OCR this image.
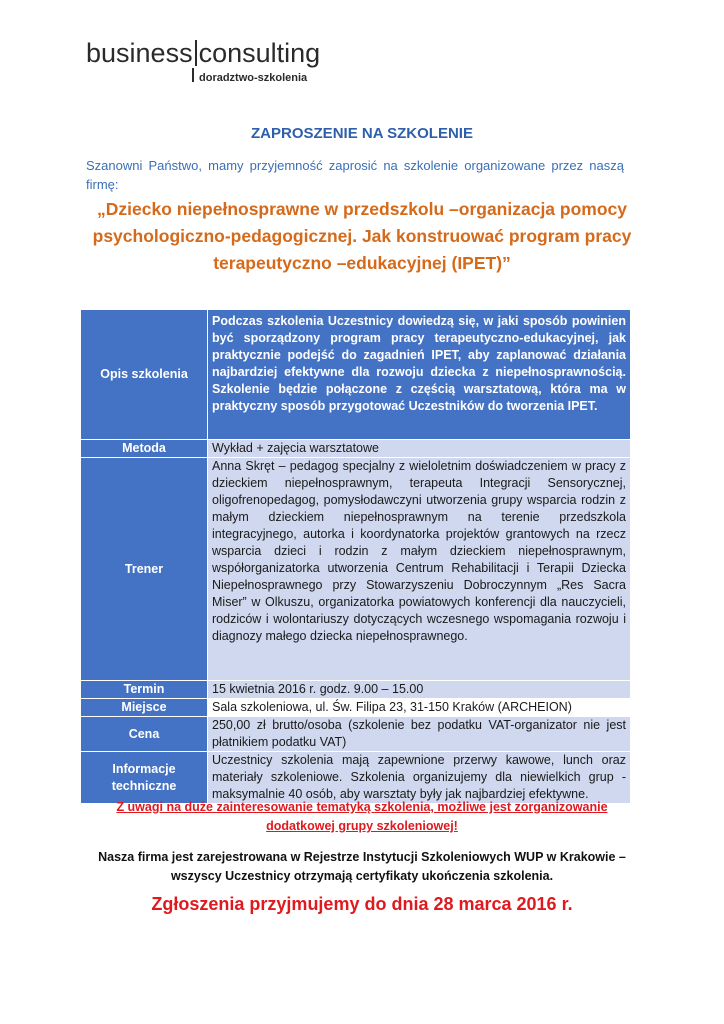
business consulting
doradztwo-szkolenia
ZAPROSZENIE NA SZKOLENIE
Szanowni Państwo, mamy przyjemność zaprosić na szkolenie organizowane przez naszą firmę:
„Dziecko niepełnosprawne w przedszkolu –organizacja pomocy
psychologiczno-pedagogicznej. Jak konstruować program pracy
terapeutyczno –edukacyjnej (IPET)”
Opis szkolenia	Podczas szkolenia Uczestnicy dowiedzą się, w jaki sposób powinien być sporządzony program pracy terapeutyczno-edukacyjnej, jak praktycznie podejść do zagadnień IPET, aby zaplanować działania najbardziej efektywne dla rozwoju dziecka z niepełnosprawnością. Szkolenie będzie połączone z częścią warsztatową, która ma w praktyczny sposób przygotować Uczestników do tworzenia IPET.
Metoda	Wykład + zajęcia warsztatowe
Trener	Anna Skręt – pedagog specjalny z wieloletnim doświadczeniem w pracy z dzieckiem niepełnosprawnym, terapeuta Integracji Sensorycznej, oligofrenopedagog, pomysłodawczyni utworzenia grupy wsparcia rodzin z małym dzieckiem niepełnosprawnym na terenie przedszkola integracyjnego, autorka i koordynatorka projektów grantowych na rzecz wsparcia dzieci i rodzin z małym dzieckiem niepełnosprawnym, współorganizatorka utworzenia Centrum Rehabilitacji i Terapii Dziecka Niepełnosprawnego przy Stowarzyszeniu Dobroczynnym „Res Sacra Miser” w Olkuszu, organizatorka powiatowych konferencji dla nauczycieli, rodziców i wolontariuszy dotyczących wczesnego wspomagania rozwoju i diagnozy małego dziecka niepełnosprawnego.
Termin	15 kwietnia 2016 r. godz. 9.00 – 15.00
Miejsce	Sala szkoleniowa, ul. Św. Filipa 23, 31-150 Kraków (ARCHEION)
Cena	250,00 zł brutto/osoba (szkolenie bez podatku VAT-organizator nie jest płatnikiem podatku VAT)
Informacje techniczne	Uczestnicy szkolenia mają zapewnione przerwy kawowe, lunch oraz materiały szkoleniowe. Szkolenia organizujemy dla niewielkich grup - maksymalnie 40 osób, aby warsztaty były jak najbardziej efektywne.
Z uwagi na duże zainteresowanie tematyką szkolenia, możliwe jest zorganizowanie dodatkowej grupy szkoleniowej!
Nasza firma jest zarejestrowana w Rejestrze Instytucji Szkoleniowych WUP w Krakowie – wszyscy Uczestnicy otrzymają certyfikaty ukończenia szkolenia.
Zgłoszenia przyjmujemy do dnia 28 marca 2016 r.
